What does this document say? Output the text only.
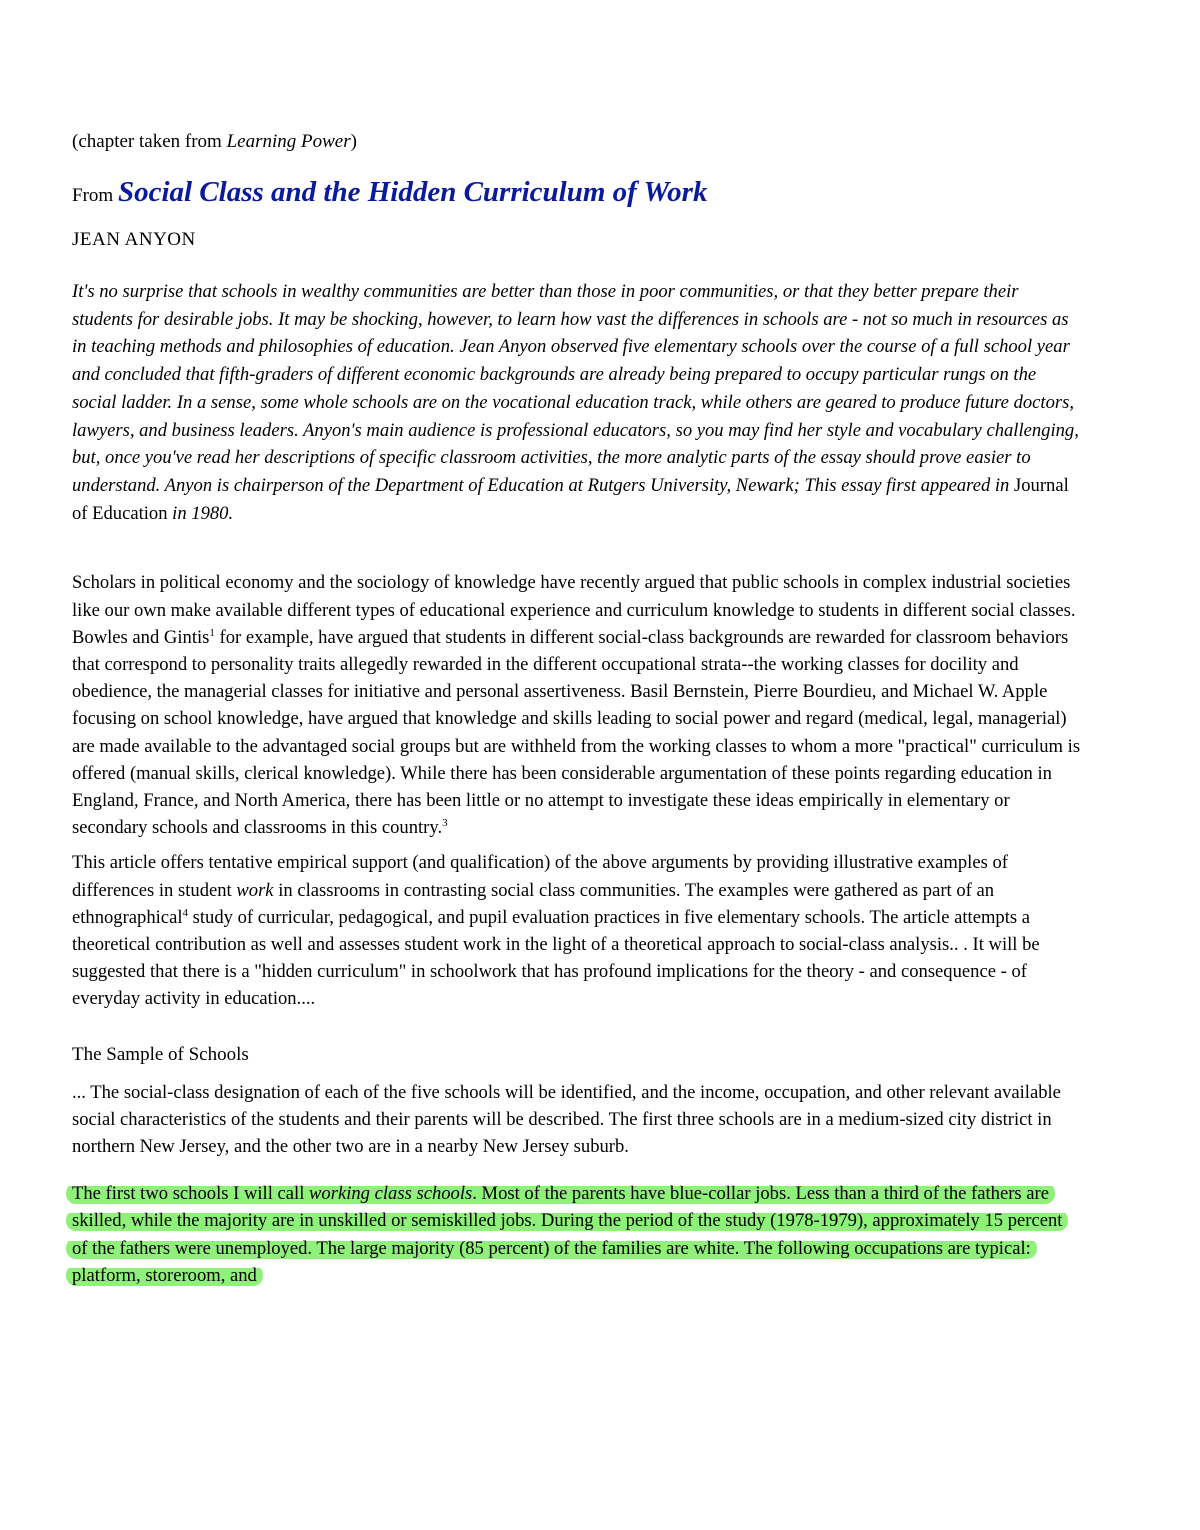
(chapter taken from Learning Power)

From Social Class and the Hidden Curriculum of Work

JEAN ANYON

It's no surprise that schools in wealthy communities are better than those in poor communities, or that they better prepare their students for desirable jobs. It may be shocking, however, to learn how vast the differences in schools are - not so much in resources as in teaching methods and philosophies of education. Jean Anyon observed five elementary schools over the course of a full school year and concluded that fifth-graders of different economic backgrounds are already being prepared to occupy particular rungs on the social ladder. In a sense, some whole schools are on the vocational education track, while others are geared to produce future doctors, lawyers, and business leaders. Anyon's main audience is professional educators, so you may find her style and vocabulary challenging, but, once you've read her descriptions of specific classroom activities, the more analytic parts of the essay should prove easier to understand. Anyon is chairperson of the Department of Education at Rutgers University, Newark; This essay first appeared in Journal of Education in 1980.

Scholars in political economy and the sociology of knowledge have recently argued that public schools in complex industrial societies like our own make available different types of educational experience and curriculum knowledge to students in different social classes. Bowles and Gintis$^1$ for example, have argued that students in different social-class backgrounds are rewarded for classroom behaviors that correspond to personality traits allegedly rewarded in the different occupational strata--the working classes for docility and obedience, the managerial classes for initiative and personal assertiveness. Basil Bernstein, Pierre Bourdieu, and Michael W. Apple focusing on school knowledge, have argued that knowledge and skills leading to social power and regard (medical, legal, managerial) are made available to the advantaged social groups but are withheld from the working classes to whom a more "practical" curriculum is offered (manual skills, clerical knowledge). While there has been considerable argumentation of these points regarding education in England, France, and North America, there has been little or no attempt to investigate these ideas empirically in elementary or secondary schools and classrooms in this country.$^3$

This article offers tentative empirical support (and qualification) of the above arguments by providing illustrative examples of differences in student work in classrooms in contrasting social class communities. The examples were gathered as part of an ethnographical$^4$ study of curricular, pedagogical, and pupil evaluation practices in five elementary schools. The article attempts a theoretical contribution as well and assesses student work in the light of a theoretical approach to social-class analysis.. . It will be suggested that there is a "hidden curriculum" in schoolwork that has profound implications for the theory - and consequence - of everyday activity in education....

The Sample of Schools

... The social-class designation of each of the five schools will be identified, and the income, occupation, and other relevant available social characteristics of the students and their parents will be described. The first three schools are in a medium-sized city district in northern New Jersey, and the other two are in a nearby New Jersey suburb.

The first two schools I will call working class schools. Most of the parents have blue-collar jobs. Less than a third of the fathers are skilled, while the majority are in unskilled or semiskilled jobs. During the period of the study (1978-1979), approximately 15 percent of the fathers were unemployed. The large majority (85 percent) of the families are white. The following occupations are typical: platform, storeroom, and
